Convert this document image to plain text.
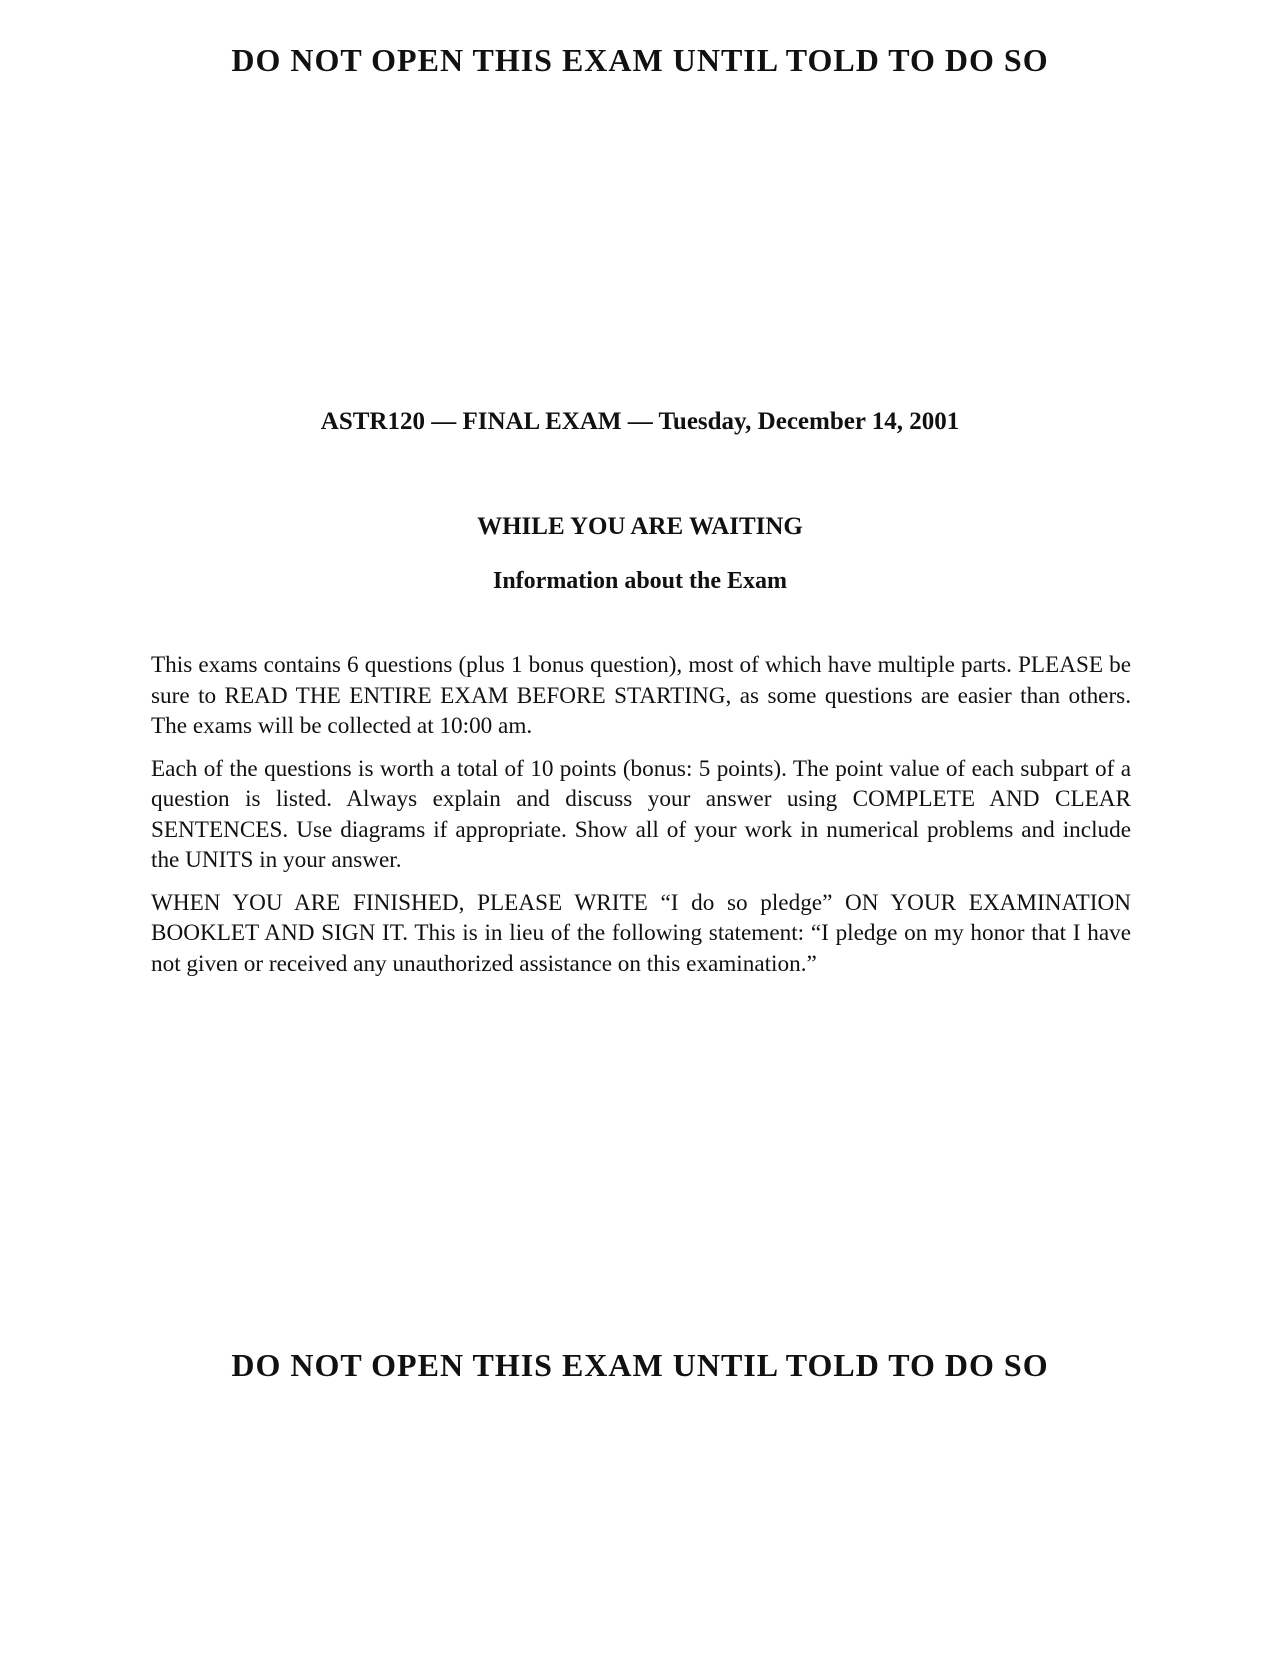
DO NOT OPEN THIS EXAM UNTIL TOLD TO DO SO
ASTR120 — FINAL EXAM — Tuesday, December 14, 2001
WHILE YOU ARE WAITING
Information about the Exam

This exams contains 6 questions (plus 1 bonus question), most of which have multiple parts. PLEASE be sure to READ THE ENTIRE EXAM BEFORE STARTING, as some questions are easier than others. The exams will be collected at 10:00 am.

Each of the questions is worth a total of 10 points (bonus: 5 points). The point value of each subpart of a question is listed. Always explain and discuss your answer using COMPLETE AND CLEAR SENTENCES. Use diagrams if appropriate. Show all of your work in numerical problems and include the UNITS in your answer.

WHEN YOU ARE FINISHED, PLEASE WRITE “I do so pledge” ON YOUR EXAMINATION BOOKLET AND SIGN IT. This is in lieu of the following statement: “I pledge on my honor that I have not given or received any unauthorized assistance on this examination.”

DO NOT OPEN THIS EXAM UNTIL TOLD TO DO SO
